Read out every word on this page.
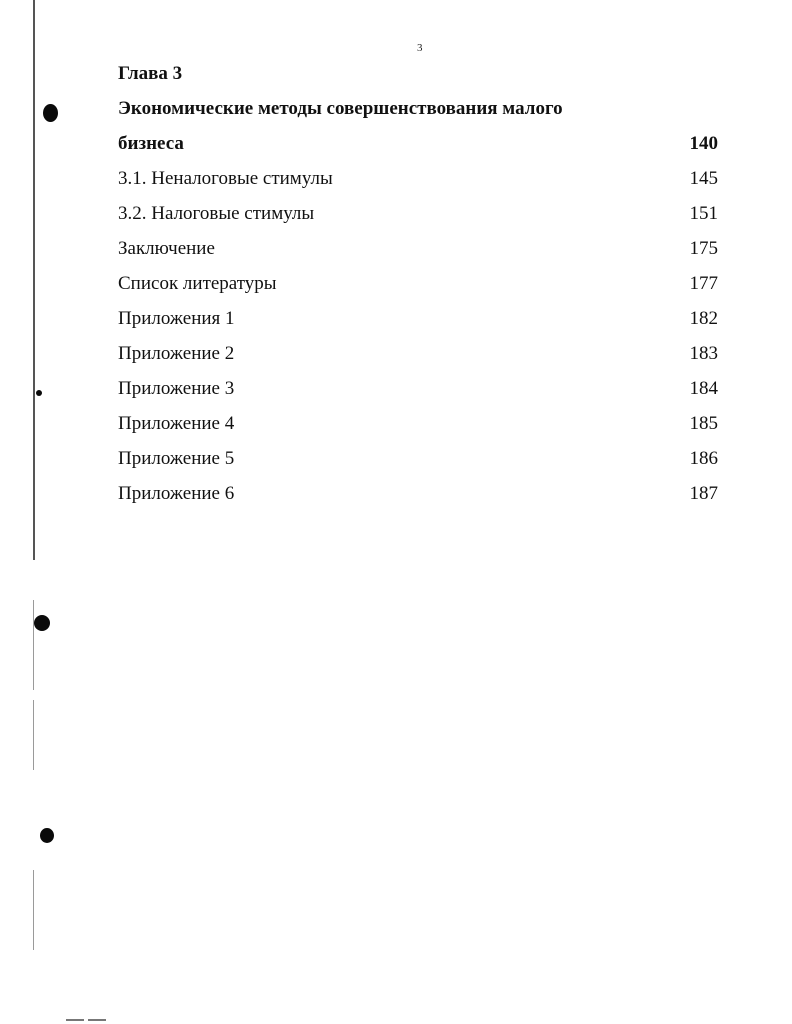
3
Глава 3
Экономические методы совершенствования малого
бизнеса	140
3.1. Неналоговые стимулы	145
3.2. Налоговые стимулы	151
Заключение	175
Список литературы	177
Приложения 1	182
Приложение 2	183
Приложение 3	184
Приложение 4	185
Приложение 5	186
Приложение 6	187
